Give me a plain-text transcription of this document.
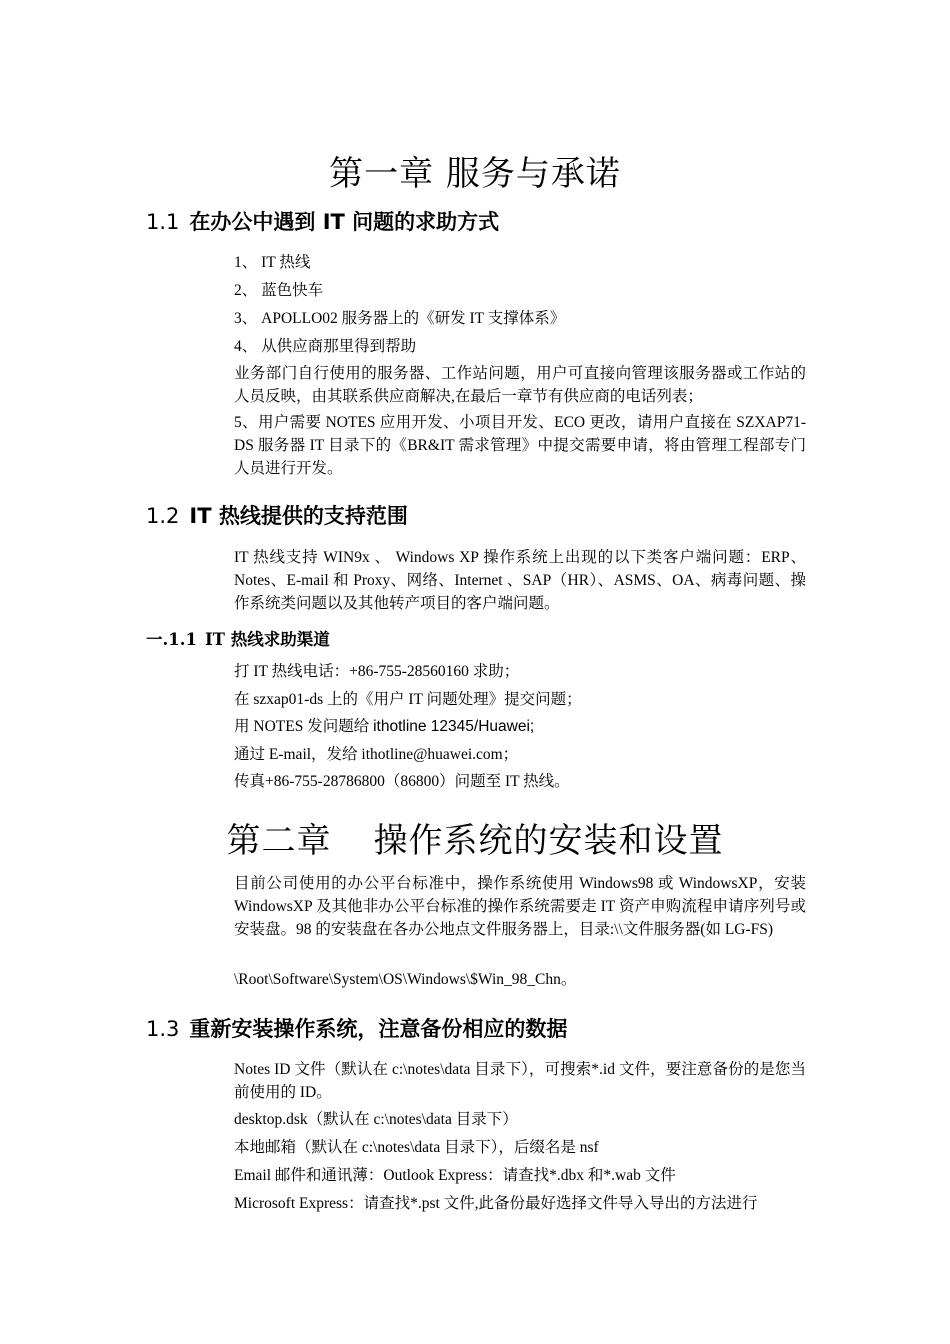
第一章 服务与承诺
1.1 在办公中遇到 IT 问题的求助方式

1、 IT 热线

2、 蓝色快车

3、 APOLLO02 服务器上的《研发 IT 支撑体系》

4、 从供应商那里得到帮助

业务部门自行使用的服务器、工作站问题，用户可直接向管理该服务器或工作站的人员反映，由其联系供应商解决,在最后一章节有供应商的电话列表；

5、用户需要 NOTES 应用开发、小项目开发、ECO 更改，请用户直接在 SZXAP71-DS 服务器 IT 目录下的《BR&IT 需求管理》中提交需要申请，将由管理工程部专门人员进行开发。

1.2 IT 热线提供的支持范围

IT 热线支持 WIN9x 、 Windows XP 操作系统上出现的以下类客户端问题：ERP、Notes、E-mail 和 Proxy、网络、Internet 、SAP（HR）、ASMS、OA、病毒问题、操作系统类问题以及其他转产项目的客户端问题。

一.1.1 IT 热线求助渠道

打 IT 热线电话：+86-755-28560160 求助；

在 szxap01-ds 上的《用户 IT 问题处理》提交问题；

用 NOTES 发问题给 ithotline 12345/Huawei;

通过 E-mail，发给 ithotline@huawei.com；

传真+86-755-28786800（86800）问题至 IT 热线。

第二章 操作系统的安装和设置

目前公司使用的办公平台标准中，操作系统使用 Windows98 或 WindowsXP，安装 WindowsXP 及其他非办公平台标准的操作系统需要走 IT 资产申购流程申请序列号或安装盘。98 的安装盘在各办公地点文件服务器上，目录:\\文件服务器(如 LG-FS)

\Root\Software\System\OS\Windows\$Win_98_Chn。

1.3 重新安装操作系统，注意备份相应的数据

Notes ID 文件（默认在 c:\notes\data 目录下），可搜索*.id 文件，要注意备份的是您当前使用的 ID。

desktop.dsk（默认在 c:\notes\data 目录下）

本地邮箱（默认在 c:\notes\data 目录下），后缀名是 nsf

Email 邮件和通讯薄：Outlook Express：请查找*.dbx 和*.wab 文件

Microsoft Express：请查找*.pst 文件,此备份最好选择文件导入导出的方法进行
